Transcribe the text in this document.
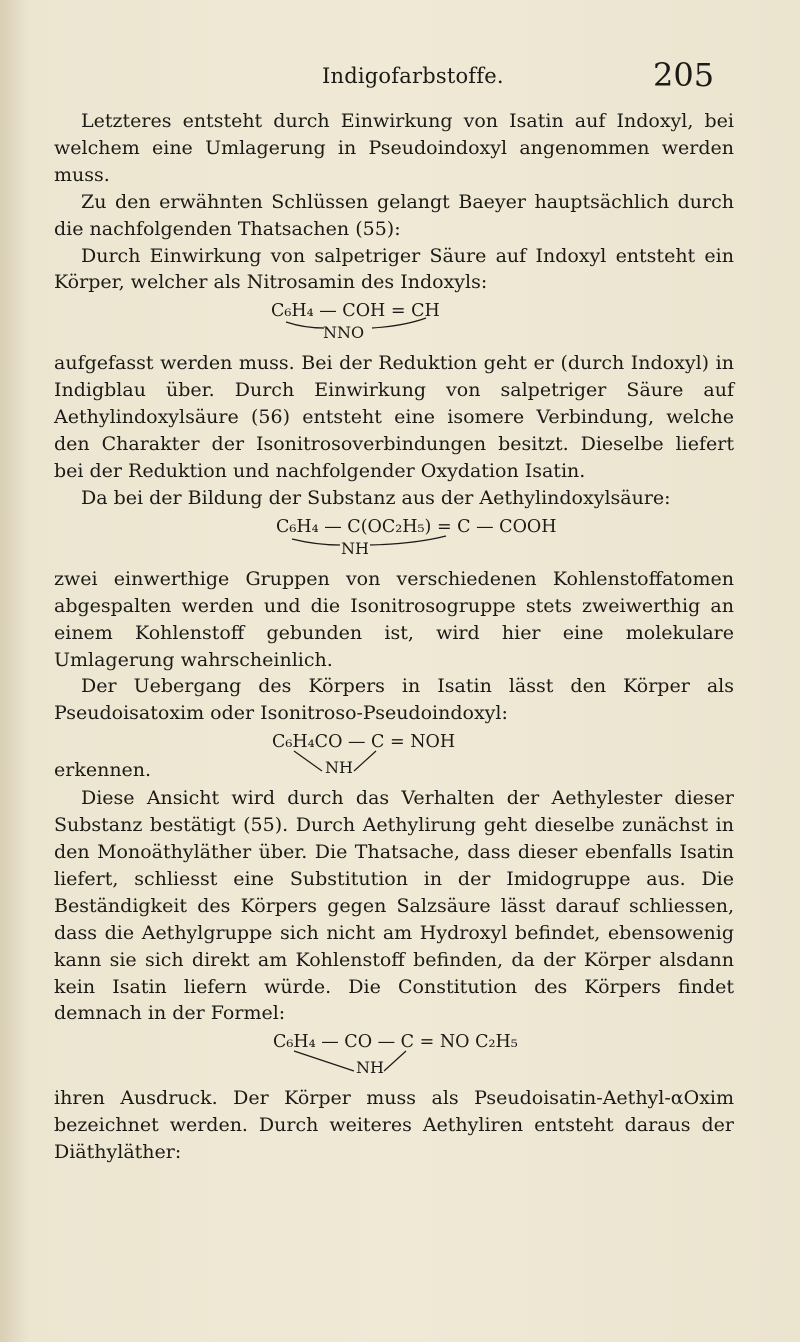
Indigofarbstoffe.	205

Letzteres entsteht durch Einwirkung von Isatin auf Indoxyl, bei welchem eine Umlagerung in Pseudoindoxyl angenommen werden muss.

Zu den erwähnten Schlüssen gelangt Baeyer hauptsächlich durch die nachfolgenden Thatsachen (55):

Durch Einwirkung von salpetriger Säure auf Indoxyl entsteht ein Körper, welcher als Nitrosamin des Indoxyls:

C₆H₄ — COH = CH
NNO

aufgefasst werden muss. Bei der Reduktion geht er (durch Indoxyl) in Indigblau über. Durch Einwirkung von salpetriger Säure auf Aethylindoxylsäure (56) entsteht eine isomere Verbindung, welche den Charakter der Isonitrosoverbindungen besitzt. Dieselbe liefert bei der Reduktion und nachfolgender Oxydation Isatin.

Da bei der Bildung der Substanz aus der Aethylindoxylsäure:

C₆H₄ — C(OC₂H₅) = C — COOH
NH

zwei einwerthige Gruppen von verschiedenen Kohlenstoffatomen abgespalten werden und die Isonitrosogruppe stets zweiwerthig an einem Kohlenstoff gebunden ist, wird hier eine molekulare Umlagerung wahrscheinlich.

Der Uebergang des Körpers in Isatin lässt den Körper als Pseudoisatoxim oder Isonitroso-Pseudoindoxyl:

C₆H₄CO — C = NOH
NH
erkennen.

Diese Ansicht wird durch das Verhalten der Aethylester dieser Substanz bestätigt (55). Durch Aethylirung geht dieselbe zunächst in den Monoäthyläther über. Die Thatsache, dass dieser ebenfalls Isatin liefert, schliesst eine Substitution in der Imidogruppe aus. Die Beständigkeit des Körpers gegen Salzsäure lässt darauf schliessen, dass die Aethylgruppe sich nicht am Hydroxyl befindet, ebensowenig kann sie sich direkt am Kohlenstoff befinden, da der Körper alsdann kein Isatin liefern würde. Die Constitution des Körpers findet demnach in der Formel:

C₆H₄ — CO — C = NO C₂H₅
NH

ihren Ausdruck. Der Körper muss als Pseudoisatin-Aethyl-αOxim bezeichnet werden. Durch weiteres Aethyliren entsteht daraus der Diäthyläther:
